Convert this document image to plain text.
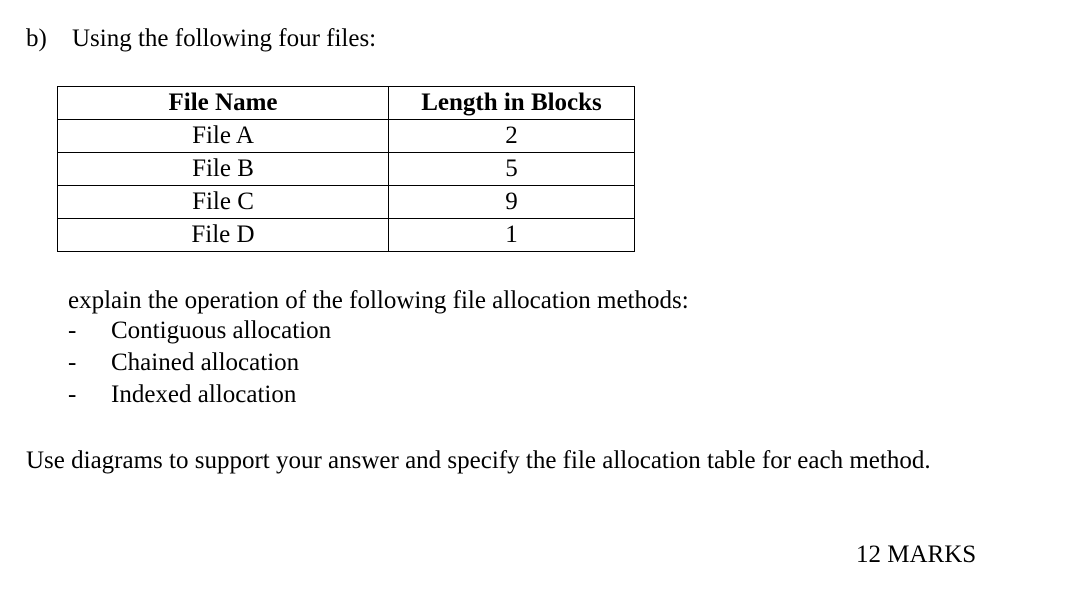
b) Using the following four files:
File Name	Length in Blocks
File A	2
File B	5
File C	9
File D	1
explain the operation of the following file allocation methods:
- Contiguous allocation
- Chained allocation
- Indexed allocation
Use diagrams to support your answer and specify the file allocation table for each method.
12 MARKS
